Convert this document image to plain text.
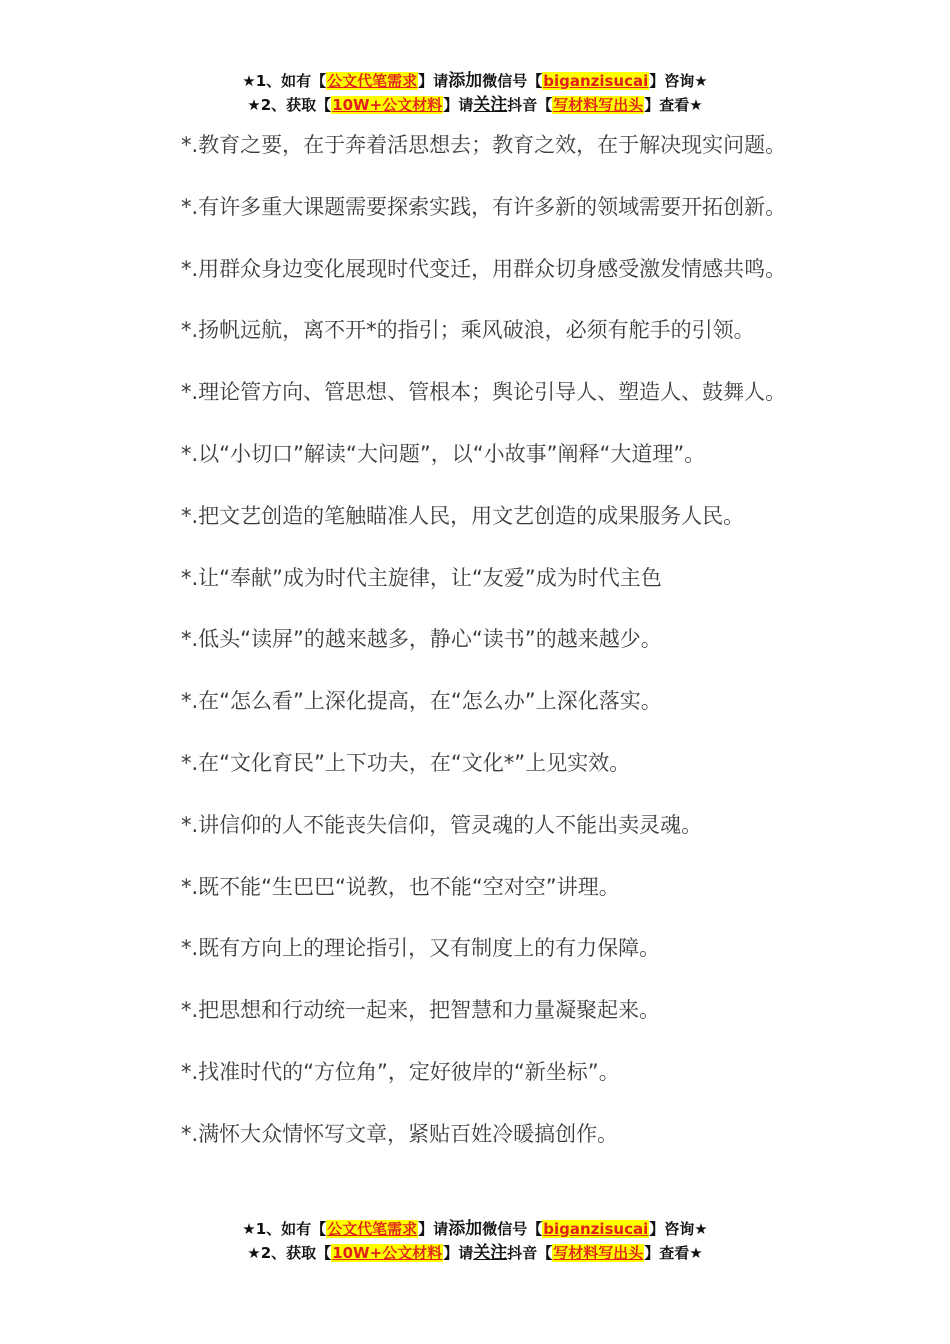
★1、如有【公文代笔需求】请添加微信号【biganzisucai】咨询★
★2、获取【10W+公文材料】请关注抖音【写材料写出头】查看★
*.教育之要，在于奔着活思想去；教育之效，在于解决现实问题。
*.有许多重大课题需要探索实践，有许多新的领域需要开拓创新。
*.用群众身边变化展现时代变迁，用群众切身感受激发情感共鸣。
*.扬帆远航，离不开*的指引；乘风破浪，必须有舵手的引领。
*.理论管方向、管思想、管根本；舆论引导人、塑造人、鼓舞人。
*.以“小切口”解读“大问题”，以“小故事”阐释“大道理”。
*.把文艺创造的笔触瞄准人民，用文艺创造的成果服务人民。
*.让“奉献”成为时代主旋律，让“友爱”成为时代主色
*.低头“读屏”的越来越多，静心“读书”的越来越少。
*.在“怎么看”上深化提高，在“怎么办”上深化落实。
*.在“文化育民”上下功夫，在“文化*”上见实效。
*.讲信仰的人不能丧失信仰，管灵魂的人不能出卖灵魂。
*.既不能“生巴巴“说教，也不能“空对空”讲理。
*.既有方向上的理论指引，又有制度上的有力保障。
*.把思想和行动统一起来，把智慧和力量凝聚起来。
*.找准时代的“方位角”，定好彼岸的“新坐标”。
*.满怀大众情怀写文章，紧贴百姓冷暖搞创作。
★1、如有【公文代笔需求】请添加微信号【biganzisucai】咨询★
★2、获取【10W+公文材料】请关注抖音【写材料写出头】查看★
